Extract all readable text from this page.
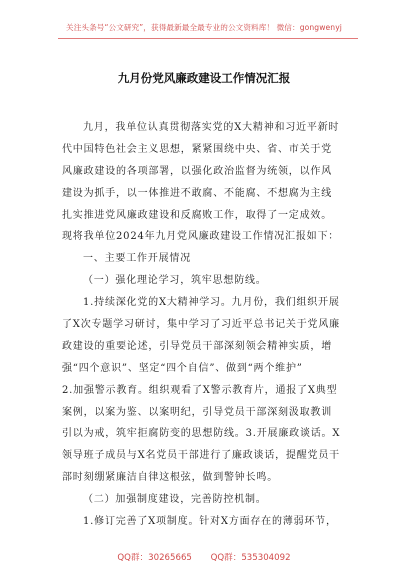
关注头条号“公文研究”，获得最新最全最专业的公文资料库！ 微信：gongwenyj
九月份党风廉政建设工作情况汇报
九月，我单位认真贯彻落实党的X大精神和习近平新时
代中国特色社会主义思想，紧紧围绕中央、省、市关于党
风廉政建设的各项部署，以强化政治监督为统领，以作风
建设为抓手，以一体推进不敢腐、不能腐、不想腐为主线
扎实推进党风廉政建设和反腐败工作，取得了一定成效。
现将我单位2024年九月党风廉政建设工作情况汇报如下：
一、主要工作开展情况
（一）强化理论学习，筑牢思想防线。
1.持续深化党的X大精神学习。九月份，我们组织开展
了X次专题学习研讨，集中学习了习近平总书记关于党风廉
政建设的重要论述，引导党员干部深刻领会精神实质，增
强“四个意识”、坚定“四个自信”、做到“两个维护”
2.加强警示教育。组织观看了X警示教育片，通报了X典型
案例，以案为鉴、以案明纪，引导党员干部深刻汲取教训
引以为戒，筑牢拒腐防变的思想防线。3.开展廉政谈话。X
领导班子成员与X名党员干部进行了廉政谈话，提醒党员干
部时刻绷紧廉洁自律这根弦，做到警钟长鸣。
（二）加强制度建设，完善防控机制。
1.修订完善了X项制度。针对X方面存在的薄弱环节，
QQ群：30265665 QQ群：535304092
